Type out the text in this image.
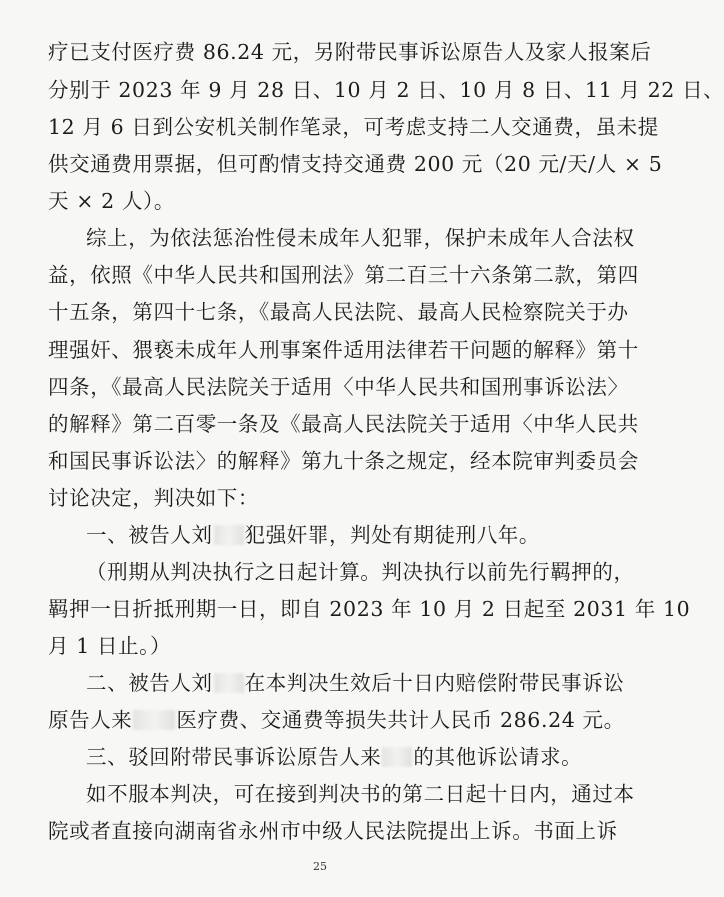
疗已支付医疗费 86.24 元，另附带民事诉讼原告人及家人报案后
分别于 2023 年 9 月 28 日、10 月 2 日、10 月 8 日、11 月 22 日、
12 月 6 日到公安机关制作笔录，可考虑支持二人交通费，虽未提
供交通费用票据，但可酌情支持交通费 200 元（20 元/天/人 × 5
天 × 2 人）。
综上，为依法惩治性侵未成年人犯罪，保护未成年人合法权
益，依照《中华人民共和国刑法》第二百三十六条第二款，第四
十五条，第四十七条，《最高人民法院、最高人民检察院关于办
理强奸、猥亵未成年人刑事案件适用法律若干问题的解释》第十
四条，《最高人民法院关于适用〈中华人民共和国刑事诉讼法〉
的解释》第二百零一条及《最高人民法院关于适用〈中华人民共
和国民事诉讼法〉的解释》第九十条之规定，经本院审判委员会
讨论决定，判决如下：
一、被告人刘 犯强奸罪，判处有期徒刑八年。
（刑期从判决执行之日起计算。判决执行以前先行羁押的，
羁押一日折抵刑期一日，即自 2023 年 10 月 2 日起至 2031 年 10
月 1 日止。）
二、被告人刘 在本判决生效后十日内赔偿附带民事诉讼
原告人来 医疗费、交通费等损失共计人民币 286.24 元。
三、驳回附带民事诉讼原告人来 的其他诉讼请求。
如不服本判决，可在接到判决书的第二日起十日内，通过本
院或者直接向湖南省永州市中级人民法院提出上诉。书面上诉
25
